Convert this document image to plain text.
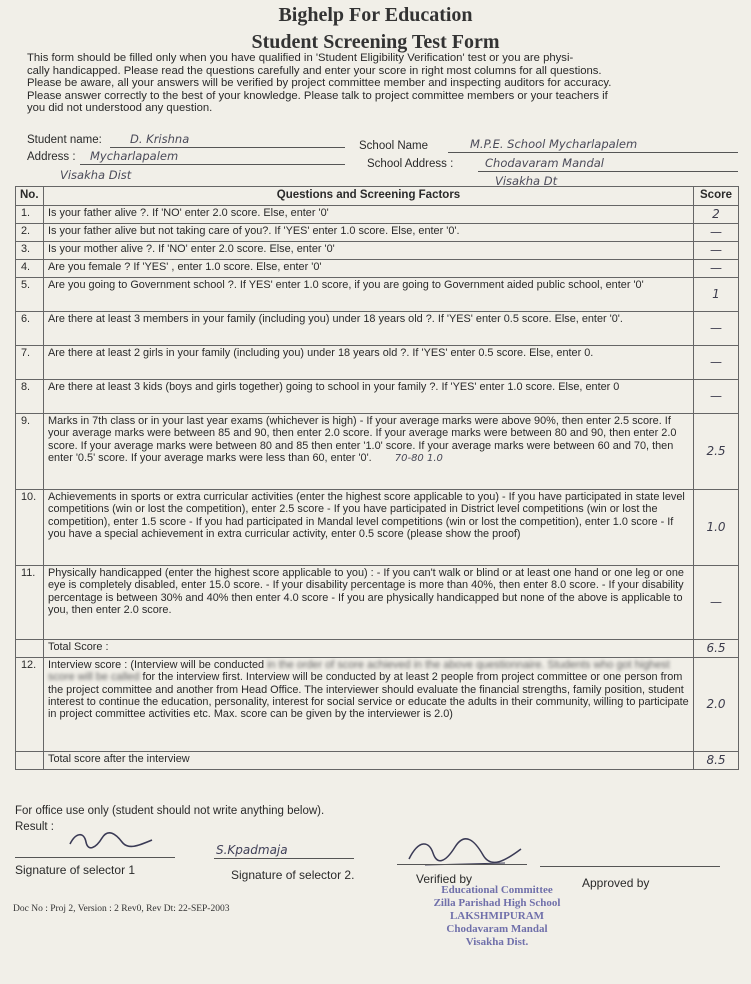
Bighelp For Education
Student Screening Test Form
This form should be filled only when you have qualified in 'Student Eligibility Verification' test or you are physi-
cally handicapped. Please read the questions carefully and enter your score in right most columns for all questions.
Please be aware, all your answers will be verified by project committee member and inspecting auditors for accuracy.
Please answer correctly to the best of your knowledge. Please talk to project committee members or your teachers if
you did not understood any question.
Student name: D. Krishna
Address : Mycharlapalem
Visakha Dist
School Name	M.P.E. School Mycharlapalem
School Address :	Chodavaram Mandal
Visakha Dt
No.	Questions and Screening Factors	Score
1.	Is your father alive ?. If 'NO' enter 2.0 score. Else, enter '0'	2
2.	Is your father alive but not taking care of you?. If 'YES' enter 1.0 score. Else, enter '0'.	—
3.	Is your mother alive ?. If 'NO' enter 2.0 score. Else, enter '0'	—
4.	Are you female ? If 'YES' , enter 1.0 score. Else, enter '0'	—
5.	Are you going to Government school ?. If YES' enter 1.0 score, if you are going to Government aided public school, enter '0'	1
6.	Are there at least 3 members in your family (including you) under 18 years old ?. If 'YES' enter 0.5 score. Else, enter '0'.	—
7.	Are there at least 2 girls in your family (including you) under 18 years old ?. If 'YES' enter 0.5 score. Else, enter 0.	—
8.	Are there at least 3 kids (boys and girls together) going to school in your family ?. If 'YES' enter 1.0 score. Else, enter 0	—
9.	Marks in 7th class or in your last year exams (whichever is high) - If your average marks were above 90%, then enter 2.5 score. If your average marks were between 85 and 90, then enter 2.0 score. If your average marks were between 80 and 90, then enter 2.0 score. If your average marks were between 80 and 85 then enter '1.0' score. If your average marks were between 60 and 70, then enter '0.5' score. If your average marks were less than 60, enter '0'. 70-80 1.0	2.5
10.	Achievements in sports or extra curricular activities (enter the highest score applicable to you) - If you have participated in state level competitions (win or lost the competition), enter 2.5 score - If you have participated in District level competitions (win or lost the competition), enter 1.5 score - If you had participated in Mandal level competitions (win or lost the competition), enter 1.0 score - If you have a special achievement in extra curricular activity, enter 0.5 score (please show the proof)	1.0
11.	Physically handicapped (enter the highest score applicable to you) : - If you can't walk or blind or at least one hand or one leg or one eye is completely disabled, enter 15.0 score. - If your disability percentage is more than 40%, then enter 8.0 score. - If your disability percentage is between 30% and 40% then enter 4.0 score - If you are physically handicapped but none of the above is applicable to you, then enter 2.0 score.	—
	Total Score :	6.5
12.	Interview score : (Interview will be conducted in the order of score achieved in the above questionnaire. Students who got highest score will be called for the interview first. Interview will be conducted by at least 2 people from project committee or one person from the project committee and another from Head Office. The interviewer should evaluate the financial strengths, family position, student interest to continue the education, personality, interest for social service or educate the adults in their community, willing to participate in project committee activities etc. Max. score can be given by the interviewer is 2.0)	2.0
	Total score after the interview	8.5
For office use only (student should not write anything below).
Result :
S.Kpadmaja
Signature of selector 1	Signature of selector 2.	Verified by	Approved by
Doc No : Proj 2, Version : 2 Rev0, Rev Dt: 22-SEP-2003
Educational Committee
Zilla Parishad High School
LAKSHMIPURAM
Chodavaram Mandal
Visakha Dist.
